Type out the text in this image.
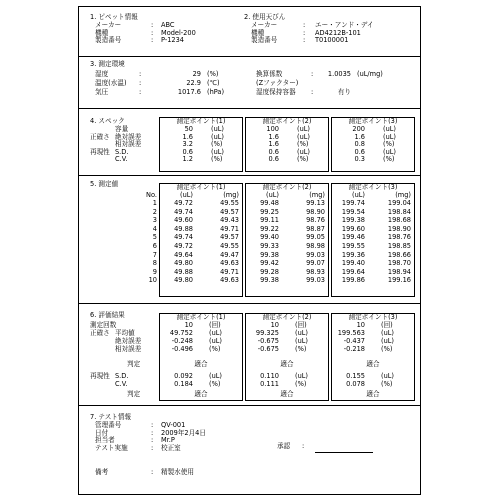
1. ピペット情報	2. 使用天びん
メーカー	: ABC
機種	: Model-200
製造番号	: P-1234
メーカー	: エー・アンド・デイ
機種	: AD4212B-101
製造番号	: T0100001
3. 測定環境
湿度	:	29 (%)
温度(水温) :	22.9 (℃)
気圧	:	1017.6 (hPa)
換算係数	:	1.0035 (uL/mg)
(Zファクター)
湿度保持容器 :	有り
4. スペック	測定ポイント(1)	測定ポイント(2)	測定ポイント(3)
容量	50	(uL)	100	(uL)	200	(uL)
正確さ 絶対誤差	1.6	(uL)	1.6	(uL)	1.6	(uL)
相対誤差	3.2	(%)	1.6	(%)	0.8	(%)
再現性 S.D.	0.6	(uL)	0.6	(uL)	0.6	(uL)
C.V.	1.2	(%)	0.6	(%)	0.3	(%)
5. 測定値	測定ポイント(1)
(uL)	(mg)
測定ポイント(2)
(uL)	(mg)
測定ポイント(3)
(uL)	(mg)
No.
1	49.72	49.55	99.48	99.13	199.74	199.04
2	49.74	49.57	99.25	98.90	199.54	198.84
3	49.60	49.43	99.11	98.76	199.38	198.68
4	49.88	49.71	99.22	98.87	199.60	198.90
5	49.74	49.57	99.40	99.05	199.46	198.76
6	49.72	49.55	99.33	98.98	199.55	198.85
7	49.64	49.47	99.38	99.03	199.36	198.66
8	49.80	49.63	99.42	99.07	199.40	198.70
9	49.88	49.71	99.28	98.93	199.64	198.94
10	49.80	49.63	99.38	99.03	199.86	199.16
6. 評価結果	測定ポイント(1)	測定ポイント(2)	測定ポイント(3)
測定回数	10 (回)	10 (回)	10 (回)
正確さ 平均値	49.752 (uL)	99.325 (uL)	199.563 (uL)
絶対誤差	-0.248 (uL)	-0.675 (uL)	-0.437 (uL)
相対誤差	-0.496 (%)	-0.675 (%)	-0.218 (%)
判定	適合	適合	適合
再現性 S.D.	0.092 (uL)	0.110 (uL)	0.155 (uL)
C.V.	0.184 (%)	0.111 (%)	0.078 (%)
判定	適合	適合	適合
7. テスト情報
管理番号	: QV-001
日付	: 2009年2月4日
担当者	: Mr.P
テスト実施	: 校正室	承認 :
備考	: 精製水使用
